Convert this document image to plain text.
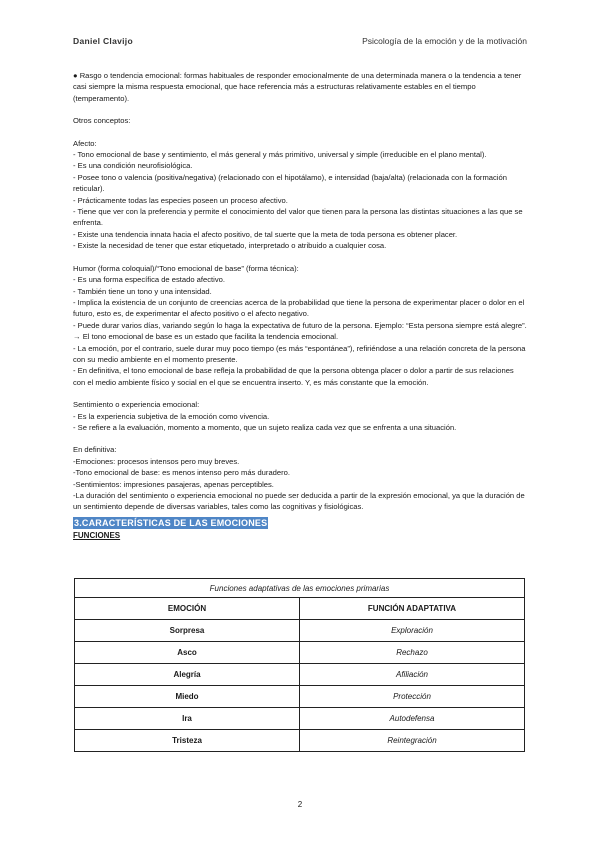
Daniel Clavijo	Psicología de la emoción y de la motivación

● Rasgo o tendencia emocional: formas habituales de responder emocionalmente de una determinada manera o la tendencia a tener casi siempre la misma respuesta emocional, que hace referencia más a estructuras relativamente estables en el tiempo (temperamento).

Otros conceptos:

Afecto:

- Tono emocional de base y sentimiento, el más general y más primitivo, universal y simple (irreducible en el plano mental).

- Es una condición neurofisiológica.

- Posee tono o valencia (positiva/negativa) (relacionado con el hipotálamo), e intensidad (baja/alta) (relacionada con la formación reticular).

- Prácticamente todas las especies poseen un proceso afectivo.

- Tiene que ver con la preferencia y permite el conocimiento del valor que tienen para la persona las distintas situaciones a las que se enfrenta.

- Existe una tendencia innata hacia el afecto positivo, de tal suerte que la meta de toda persona es obtener placer.

- Existe la necesidad de tener que estar etiquetado, interpretado o atribuido a cualquier cosa.

Humor (forma coloquial)/“Tono emocional de base” (forma técnica):

- Es una forma específica de estado afectivo.

- También tiene un tono y una intensidad.

- Implica la existencia de un conjunto de creencias acerca de la probabilidad que tiene la persona de experimentar placer o dolor en el futuro, esto es, de experimentar el afecto positivo o el afecto negativo.

- Puede durar varios días, variando según lo haga la expectativa de futuro de la persona. Ejemplo: “Esta persona siempre está alegre”. → El tono emocional de base es un estado que facilita la tendencia emocional.

- La emoción, por el contrario, suele durar muy poco tiempo (es más “espontánea”), refiriéndose a una relación concreta de la persona con su medio ambiente en el momento presente.

- En definitiva, el tono emocional de base refleja la probabilidad de que la persona obtenga placer o dolor a partir de sus relaciones con el medio ambiente físico y social en el que se encuentra inserto. Y, es más constante que la emoción.

Sentimiento o experiencia emocional:

- Es la experiencia subjetiva de la emoción como vivencia.

- Se refiere a la evaluación, momento a momento, que un sujeto realiza cada vez que se enfrenta a una situación.

En definitiva:

-Emociones: procesos intensos pero muy breves.

-Tono emocional de base: es menos intenso pero más duradero.

-Sentimientos: impresiones pasajeras, apenas perceptibles.

-La duración del sentimiento o experiencia emocional no puede ser deducida a partir de la expresión emocional, ya que la duración de un sentimiento depende de diversas variables, tales como las cognitivas y fisiológicas.

3.CARACTERÍSTICAS DE LAS EMOCIONES
FUNCIONES
Funciones adaptativas de las emociones primarias	
EMOCIÓN	FUNCIÓN ADAPTATIVA
Sorpresa	Exploración
Asco	Rechazo
Alegría	Afiliación
Miedo	Protección
Ira	Autodefensa
Tristeza	Reintegración
2
